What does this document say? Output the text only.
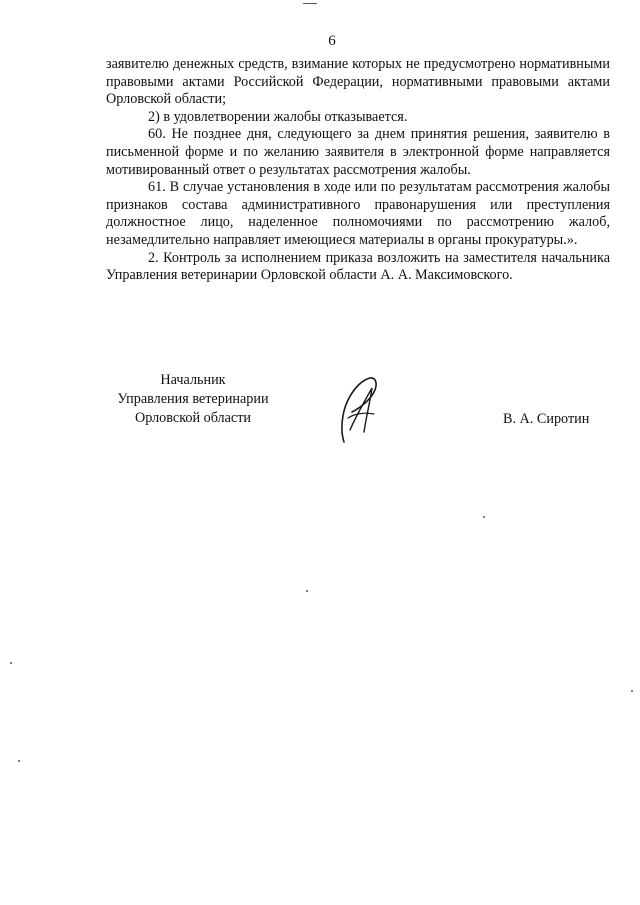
6

заявителю денежных средств, взимание которых не предусмотрено нормативными правовыми актами Российской Федерации, нормативными правовыми актами Орловской области;

2) в удовлетворении жалобы отказывается.

60. Не позднее дня, следующего за днем принятия решения, заявителю в письменной форме и по желанию заявителя в электронной форме направляется мотивированный ответ о результатах рассмотрения жалобы.

61. В случае установления в ходе или по результатам рассмотрения жалобы признаков состава административного правонарушения или преступления должностное лицо, наделенное полномочиями по рассмотрению жалоб, незамедлительно направляет имеющиеся материалы в органы прокуратуры.».

2. Контроль за исполнением приказа возложить на заместителя начальника Управления ветеринарии Орловской области А. А. Максимовского.

Начальник
Управления ветеринарии
Орловской области	В. А. Сиротин
